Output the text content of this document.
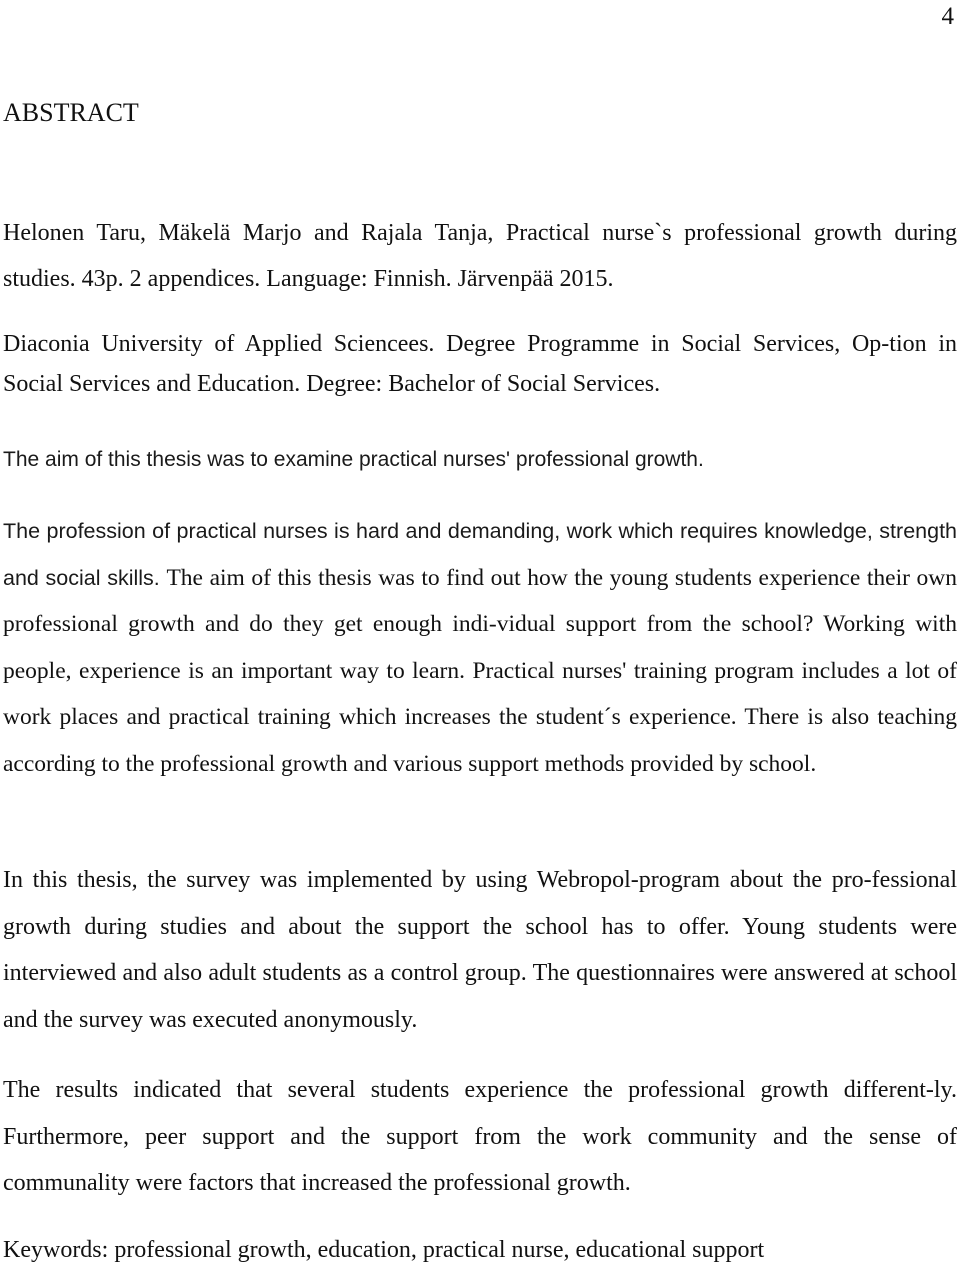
4
ABSTRACT

Helonen Taru, Mäkelä Marjo and Rajala Tanja, Practical nurse`s professional growth during studies. 43p. 2 appendices. Language: Finnish. Järvenpää 2015.

Diaconia University of Applied Sciencees. Degree Programme in Social Services, Op-tion in Social Services and Education. Degree: Bachelor of Social Services.

The aim of this thesis was to examine practical nurses' professional growth.

The profession of practical nurses is hard and demanding, work which requires knowledge, strength and social skills. The aim of this thesis was to find out how the young students experience their own professional growth and do they get enough indi-vidual support from the school? Working with people, experience is an important way to learn. Practical nurses' training program includes a lot of work places and practical training which increases the student´s experience. There is also teaching according to the professional growth and various support methods provided by school.

In this thesis, the survey was implemented by using Webropol-program about the pro-fessional growth during studies and about the support the school has to offer. Young students were interviewed and also adult students as a control group. The questionnaires were answered at school and the survey was executed anonymously.

The results indicated that several students experience the professional growth different-ly. Furthermore, peer support and the support from the work community and the sense of communality were factors that increased the professional growth.

Keywords: professional growth, education, practical nurse, educational support
